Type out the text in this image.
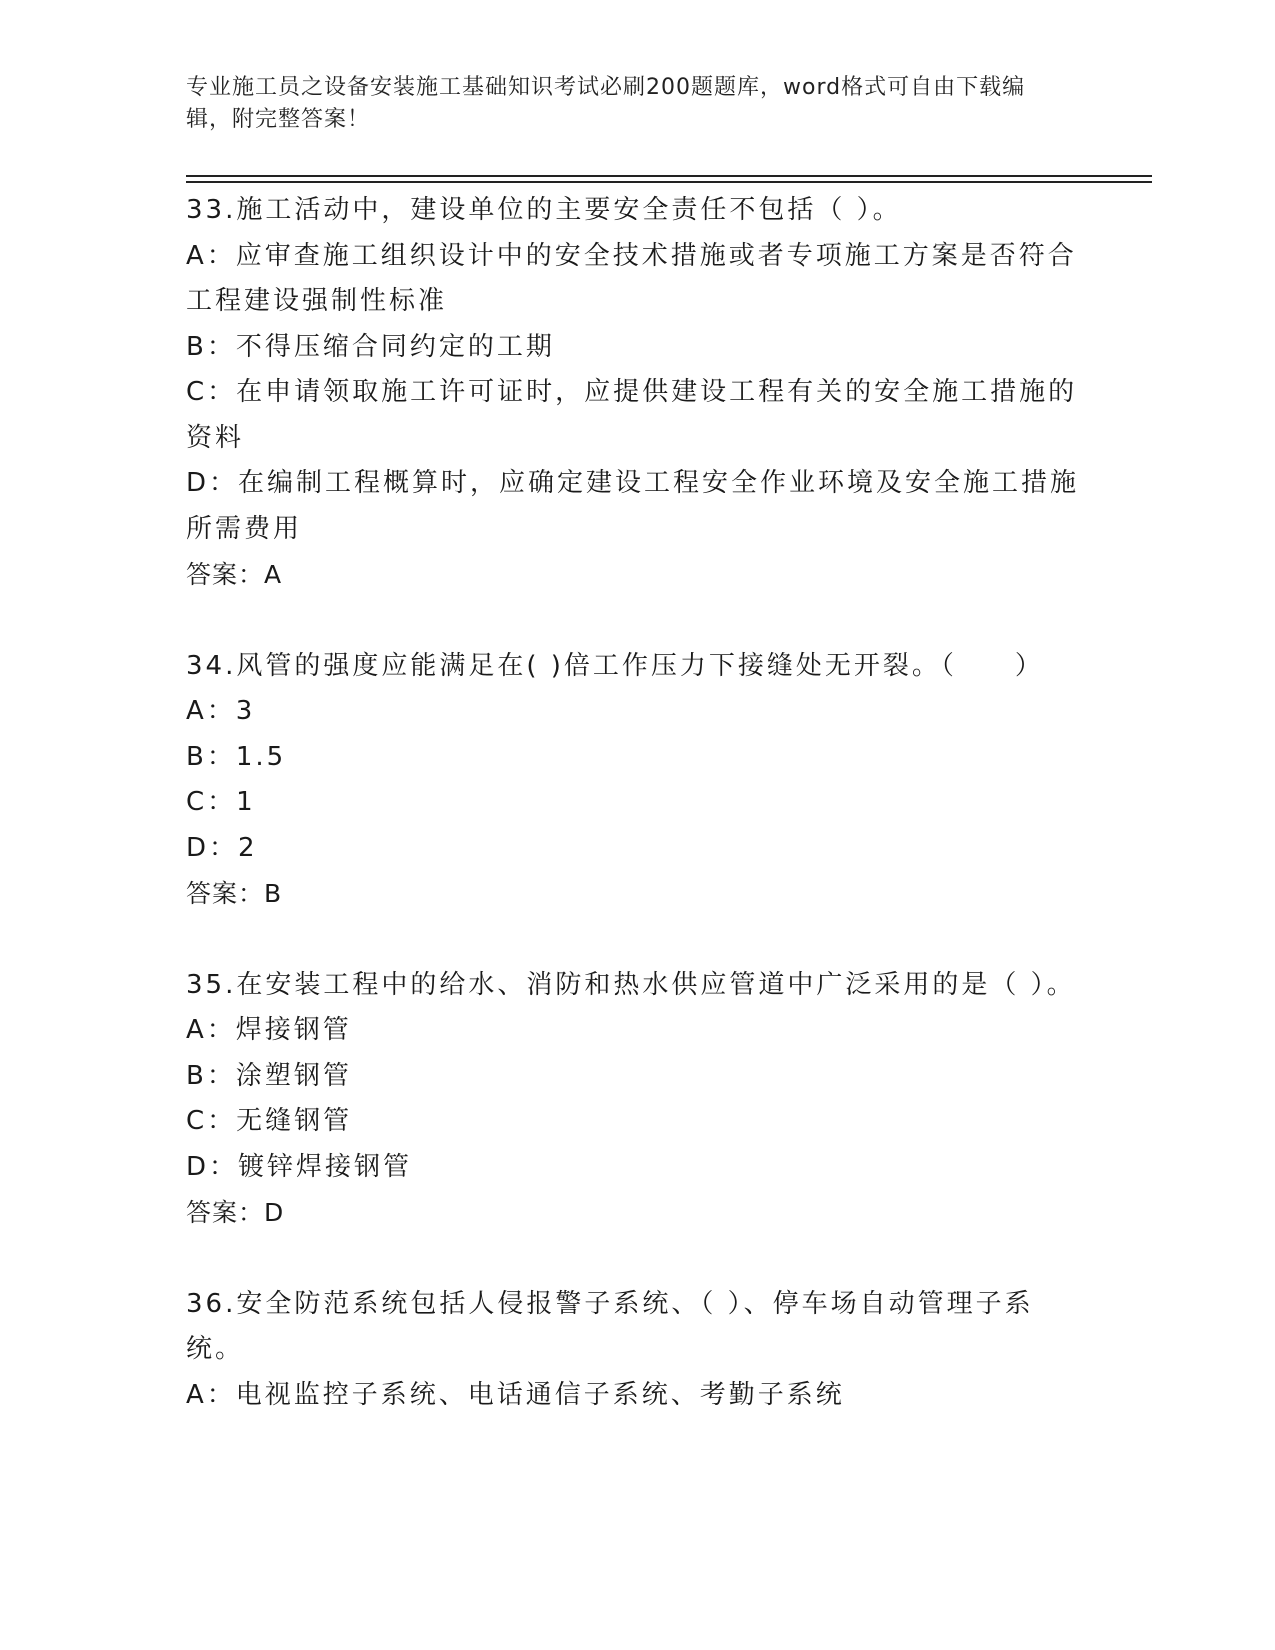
专业施工员之设备安装施工基础知识考试必刷200题题库，word格式可自由下载编辑，附完整答案！

33.施工活动中，建设单位的主要安全责任不包括（ ）。

A：应审查施工组织设计中的安全技术措施或者专项施工方案是否符合工程建设强制性标准

B：不得压缩合同约定的工期

C：在申请领取施工许可证时，应提供建设工程有关的安全施工措施的资料

D：在编制工程概算时，应确定建设工程安全作业环境及安全施工措施所需费用

答案：A

34.风管的强度应能满足在( )倍工作压力下接缝处无开裂。（　　）

A：3

B：1.5

C：1

D：2

答案：B

35.在安装工程中的给水、消防和热水供应管道中广泛采用的是（ ）。

A：焊接钢管

B：涂塑钢管

C：无缝钢管

D：镀锌焊接钢管

答案：D

36.安全防范系统包括人侵报警子系统、（ ）、停车场自动管理子系统。

A：电视监控子系统、电话通信子系统、考勤子系统
